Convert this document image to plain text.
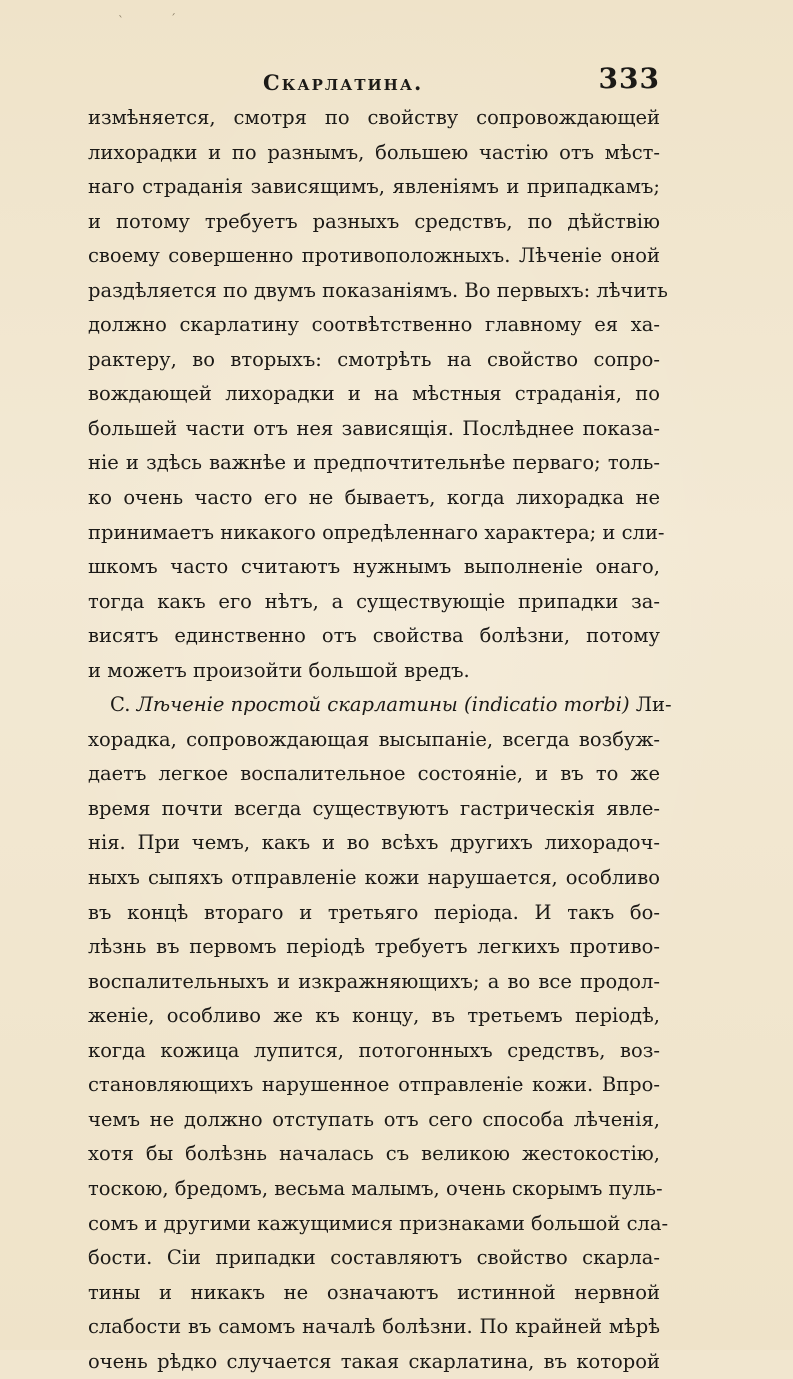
ˋ	ˊ
Скарлатина.	333
измѣняется, смотря по свойству сопровождающей
лихорадки и по разнымъ, большею частію отъ мѣст-
наго страданія зависящимъ, явленіямъ и припадкамъ;
и потому требуетъ разныхъ средствъ, по дѣйствію
своему совершенно противоположныхъ. Лѣченіе оной
раздѣляется по двумъ показаніямъ. Во первыхъ: лѣчить
должно скарлатину соотвѣтственно главному ея ха-
рактеру, во вторыхъ: смотрѣть на свойство сопро-
вождающей лихорадки и на мѣстныя страданія, по
большей части отъ нея зависящія. Послѣднее показа-
ніе и здѣсь важнѣе и предпочтительнѣе перваго; толь-
ко очень часто его не бываетъ, когда лихорадка не
принимаетъ никакого опредѣленнаго характера; и сли-
шкомъ часто считаютъ нужнымъ выполненіе онаго,
тогда какъ его нѣтъ, а существующіе припадки за-
висятъ единственно отъ свойства болѣзни, потому
и можетъ произойти большой вредъ.
C. Лѣченіе простой скарлатины (indicatio morbi) Ли-
хорадка, сопровождающая высыпаніе, всегда возбуж-
даетъ легкое воспалительное состояніе, и въ то же
время почти всегда существуютъ гастрическія явле-
нія. При чемъ, какъ и во всѣхъ другихъ лихорадоч-
ныхъ сыпяхъ отправленіе кожи нарушается, особливо
въ концѣ втораго и третьяго періода. И такъ бо-
лѣзнь въ первомъ періодѣ требуетъ легкихъ противо-
воспалительныхъ и изкражняющихъ; а во все продол-
женіе, особливо же къ концу, въ третьемъ періодѣ,
когда кожица лупится, потогонныхъ средствъ, воз-
становляющихъ нарушенное отправленіе кожи. Впро-
чемъ не должно отступать отъ сего способа лѣченія,
хотя бы болѣзнь началась съ великою жестокостію,
тоскою, бредомъ, весьма малымъ, очень скорымъ пуль-
сомъ и другими кажущимися признаками большой сла-
бости. Сіи припадки составляютъ свойство скарла-
тины и никакъ не означаютъ истинной нервной
слабости въ самомъ началѣ болѣзни. По крайней мѣрѣ
очень рѣдко случается такая скарлатина, въ которой
